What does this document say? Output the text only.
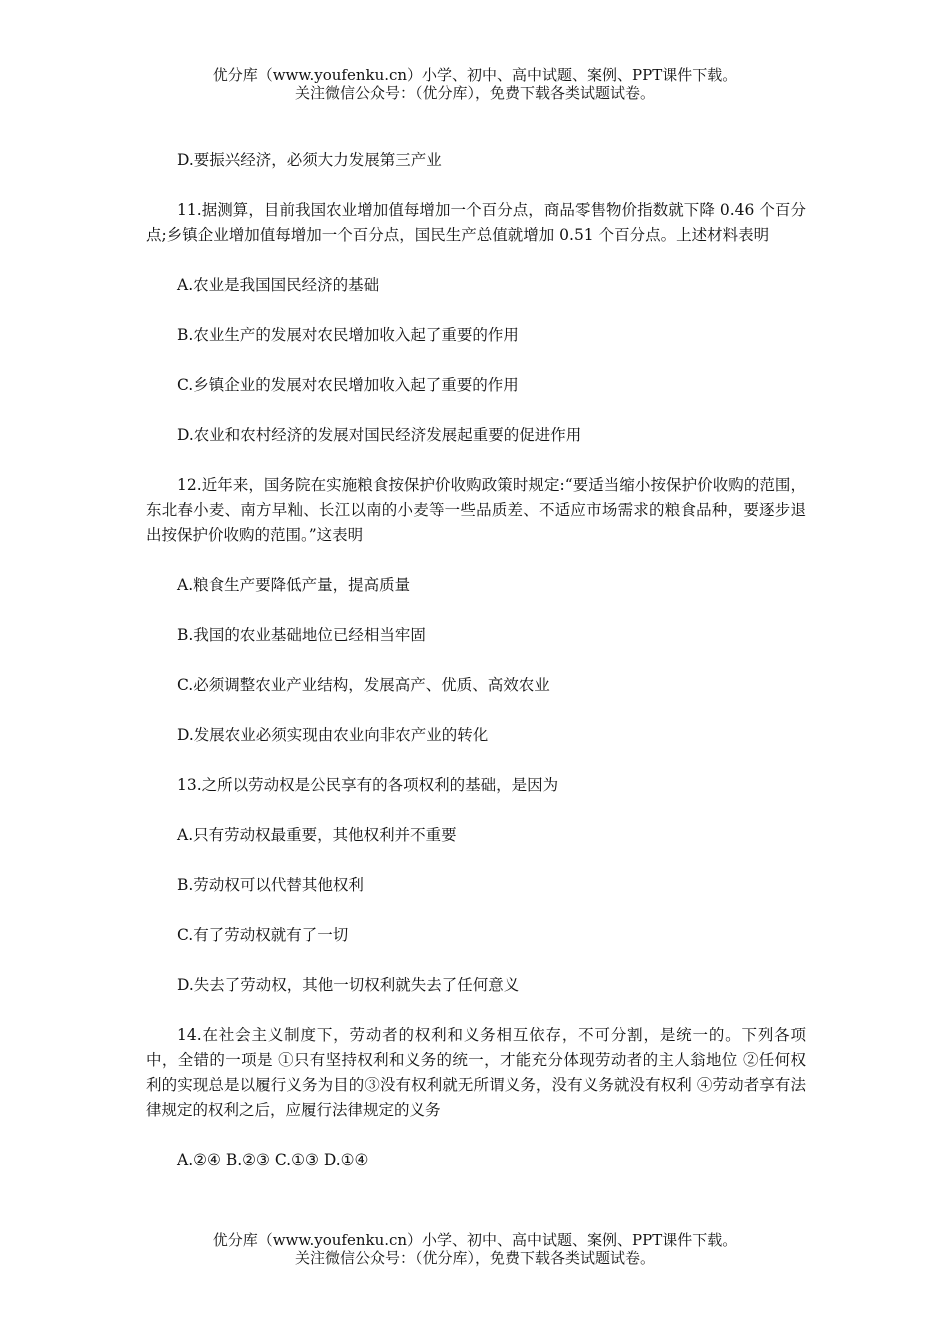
优分库（www.youfenku.cn）小学、初中、高中试题、案例、PPT课件下载。
关注微信公众号：（优分库），免费下载各类试题试卷。

D.要振兴经济，必须大力发展第三产业

11.据测算，目前我国农业增加值每增加一个百分点，商品零售物价指数就下降 0.46 个百分点;乡镇企业增加值每增加一个百分点，国民生产总值就增加 0.51 个百分点。上述材料表明

A.农业是我国国民经济的基础

B.农业生产的发展对农民增加收入起了重要的作用

C.乡镇企业的发展对农民增加收入起了重要的作用

D.农业和农村经济的发展对国民经济发展起重要的促进作用

12.近年来，国务院在实施粮食按保护价收购政策时规定:“要适当缩小按保护价收购的范围，东北春小麦、南方早籼、长江以南的小麦等一些品质差、不适应市场需求的粮食品种，要逐步退出按保护价收购的范围。”这表明

A.粮食生产要降低产量，提高质量

B.我国的农业基础地位已经相当牢固

C.必须调整农业产业结构，发展高产、优质、高效农业

D.发展农业必须实现由农业向非农产业的转化

13.之所以劳动权是公民享有的各项权利的基础，是因为

A.只有劳动权最重要，其他权利并不重要

B.劳动权可以代替其他权利

C.有了劳动权就有了一切

D.失去了劳动权，其他一切权利就失去了任何意义

14.在社会主义制度下，劳动者的权利和义务相互依存，不可分割，是统一的。下列各项中，全错的一项是 ①只有坚持权利和义务的统一，才能充分体现劳动者的主人翁地位 ②任何权利的实现总是以履行义务为目的③没有权利就无所谓义务，没有义务就没有权利 ④劳动者享有法律规定的权利之后，应履行法律规定的义务

A.②④ B.②③ C.①③ D.①④

优分库（www.youfenku.cn）小学、初中、高中试题、案例、PPT课件下载。
关注微信公众号：（优分库），免费下载各类试题试卷。
